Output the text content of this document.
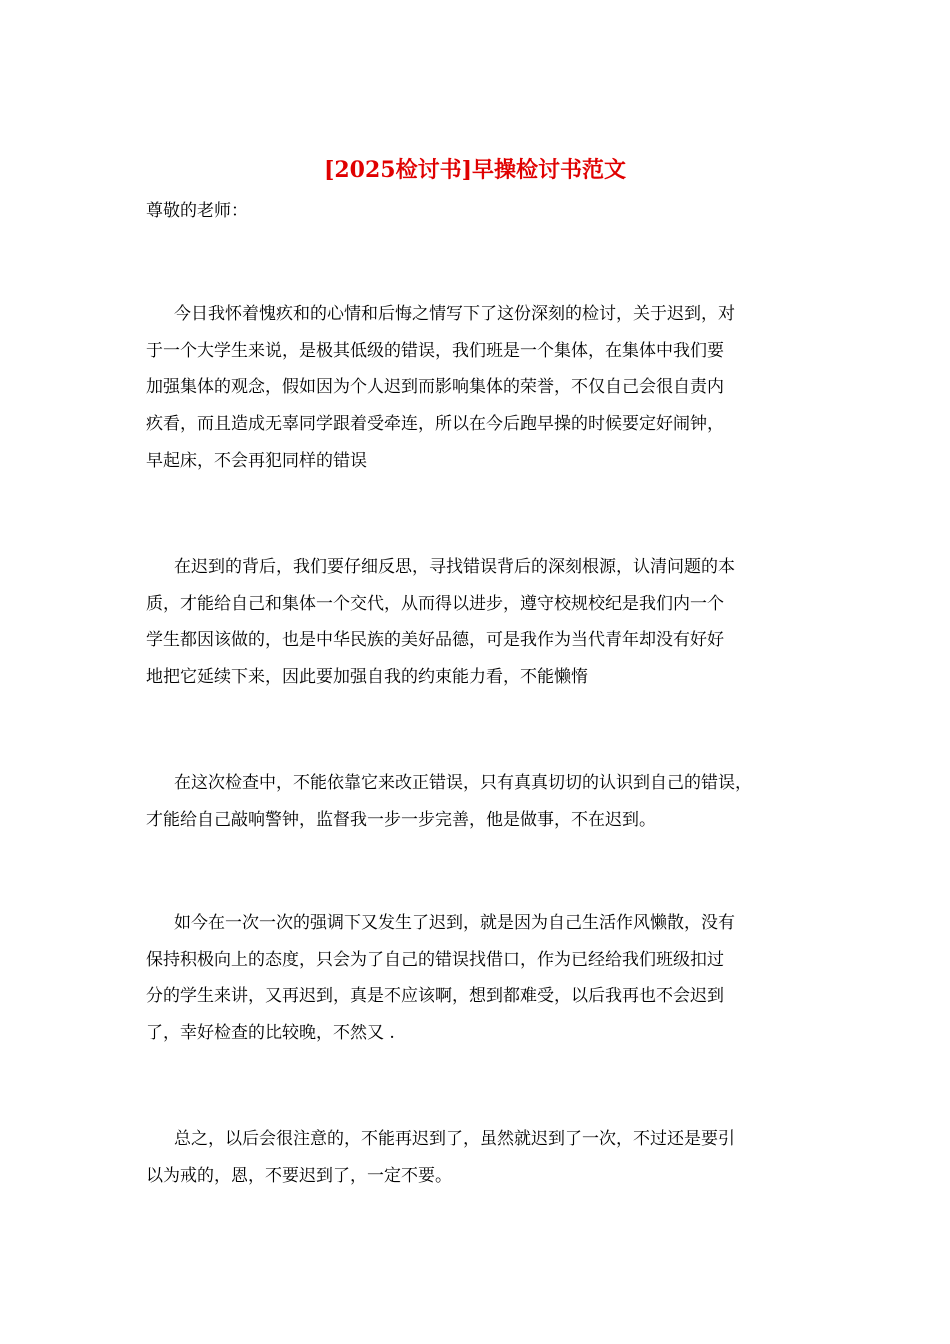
[2025检讨书]早操检讨书范文
尊敬的老师：
今日我怀着愧疚和的心情和后悔之情写下了这份深刻的检讨，关于迟到，对
于一个大学生来说，是极其低级的错误，我们班是一个集体，在集体中我们要
加强集体的观念，假如因为个人迟到而影响集体的荣誉，不仅自己会很自责内
疚看，而且造成无辜同学跟着受牵连，所以在今后跑早操的时候要定好闹钟，
早起床，不会再犯同样的错误
在迟到的背后，我们要仔细反思，寻找错误背后的深刻根源，认清问题的本
质，才能给自己和集体一个交代，从而得以进步，遵守校规校纪是我们内一个
学生都因该做的，也是中华民族的美好品德，可是我作为当代青年却没有好好
地把它延续下来，因此要加强自我的约束能力看，不能懒惰
在这次检查中，不能依靠它来改正错误，只有真真切切的认识到自己的错误，
才能给自己敲响警钟，监督我一步一步完善，他是做事，不在迟到。
如今在一次一次的强调下又发生了迟到，就是因为自己生活作风懒散，没有
保持积极向上的态度，只会为了自己的错误找借口，作为已经给我们班级扣过
分的学生来讲，又再迟到，真是不应该啊，想到都难受，以后我再也不会迟到
了，幸好检查的比较晚，不然又 .
总之，以后会很注意的，不能再迟到了，虽然就迟到了一次，不过还是要引
以为戒的，恩，不要迟到了，一定不要。
